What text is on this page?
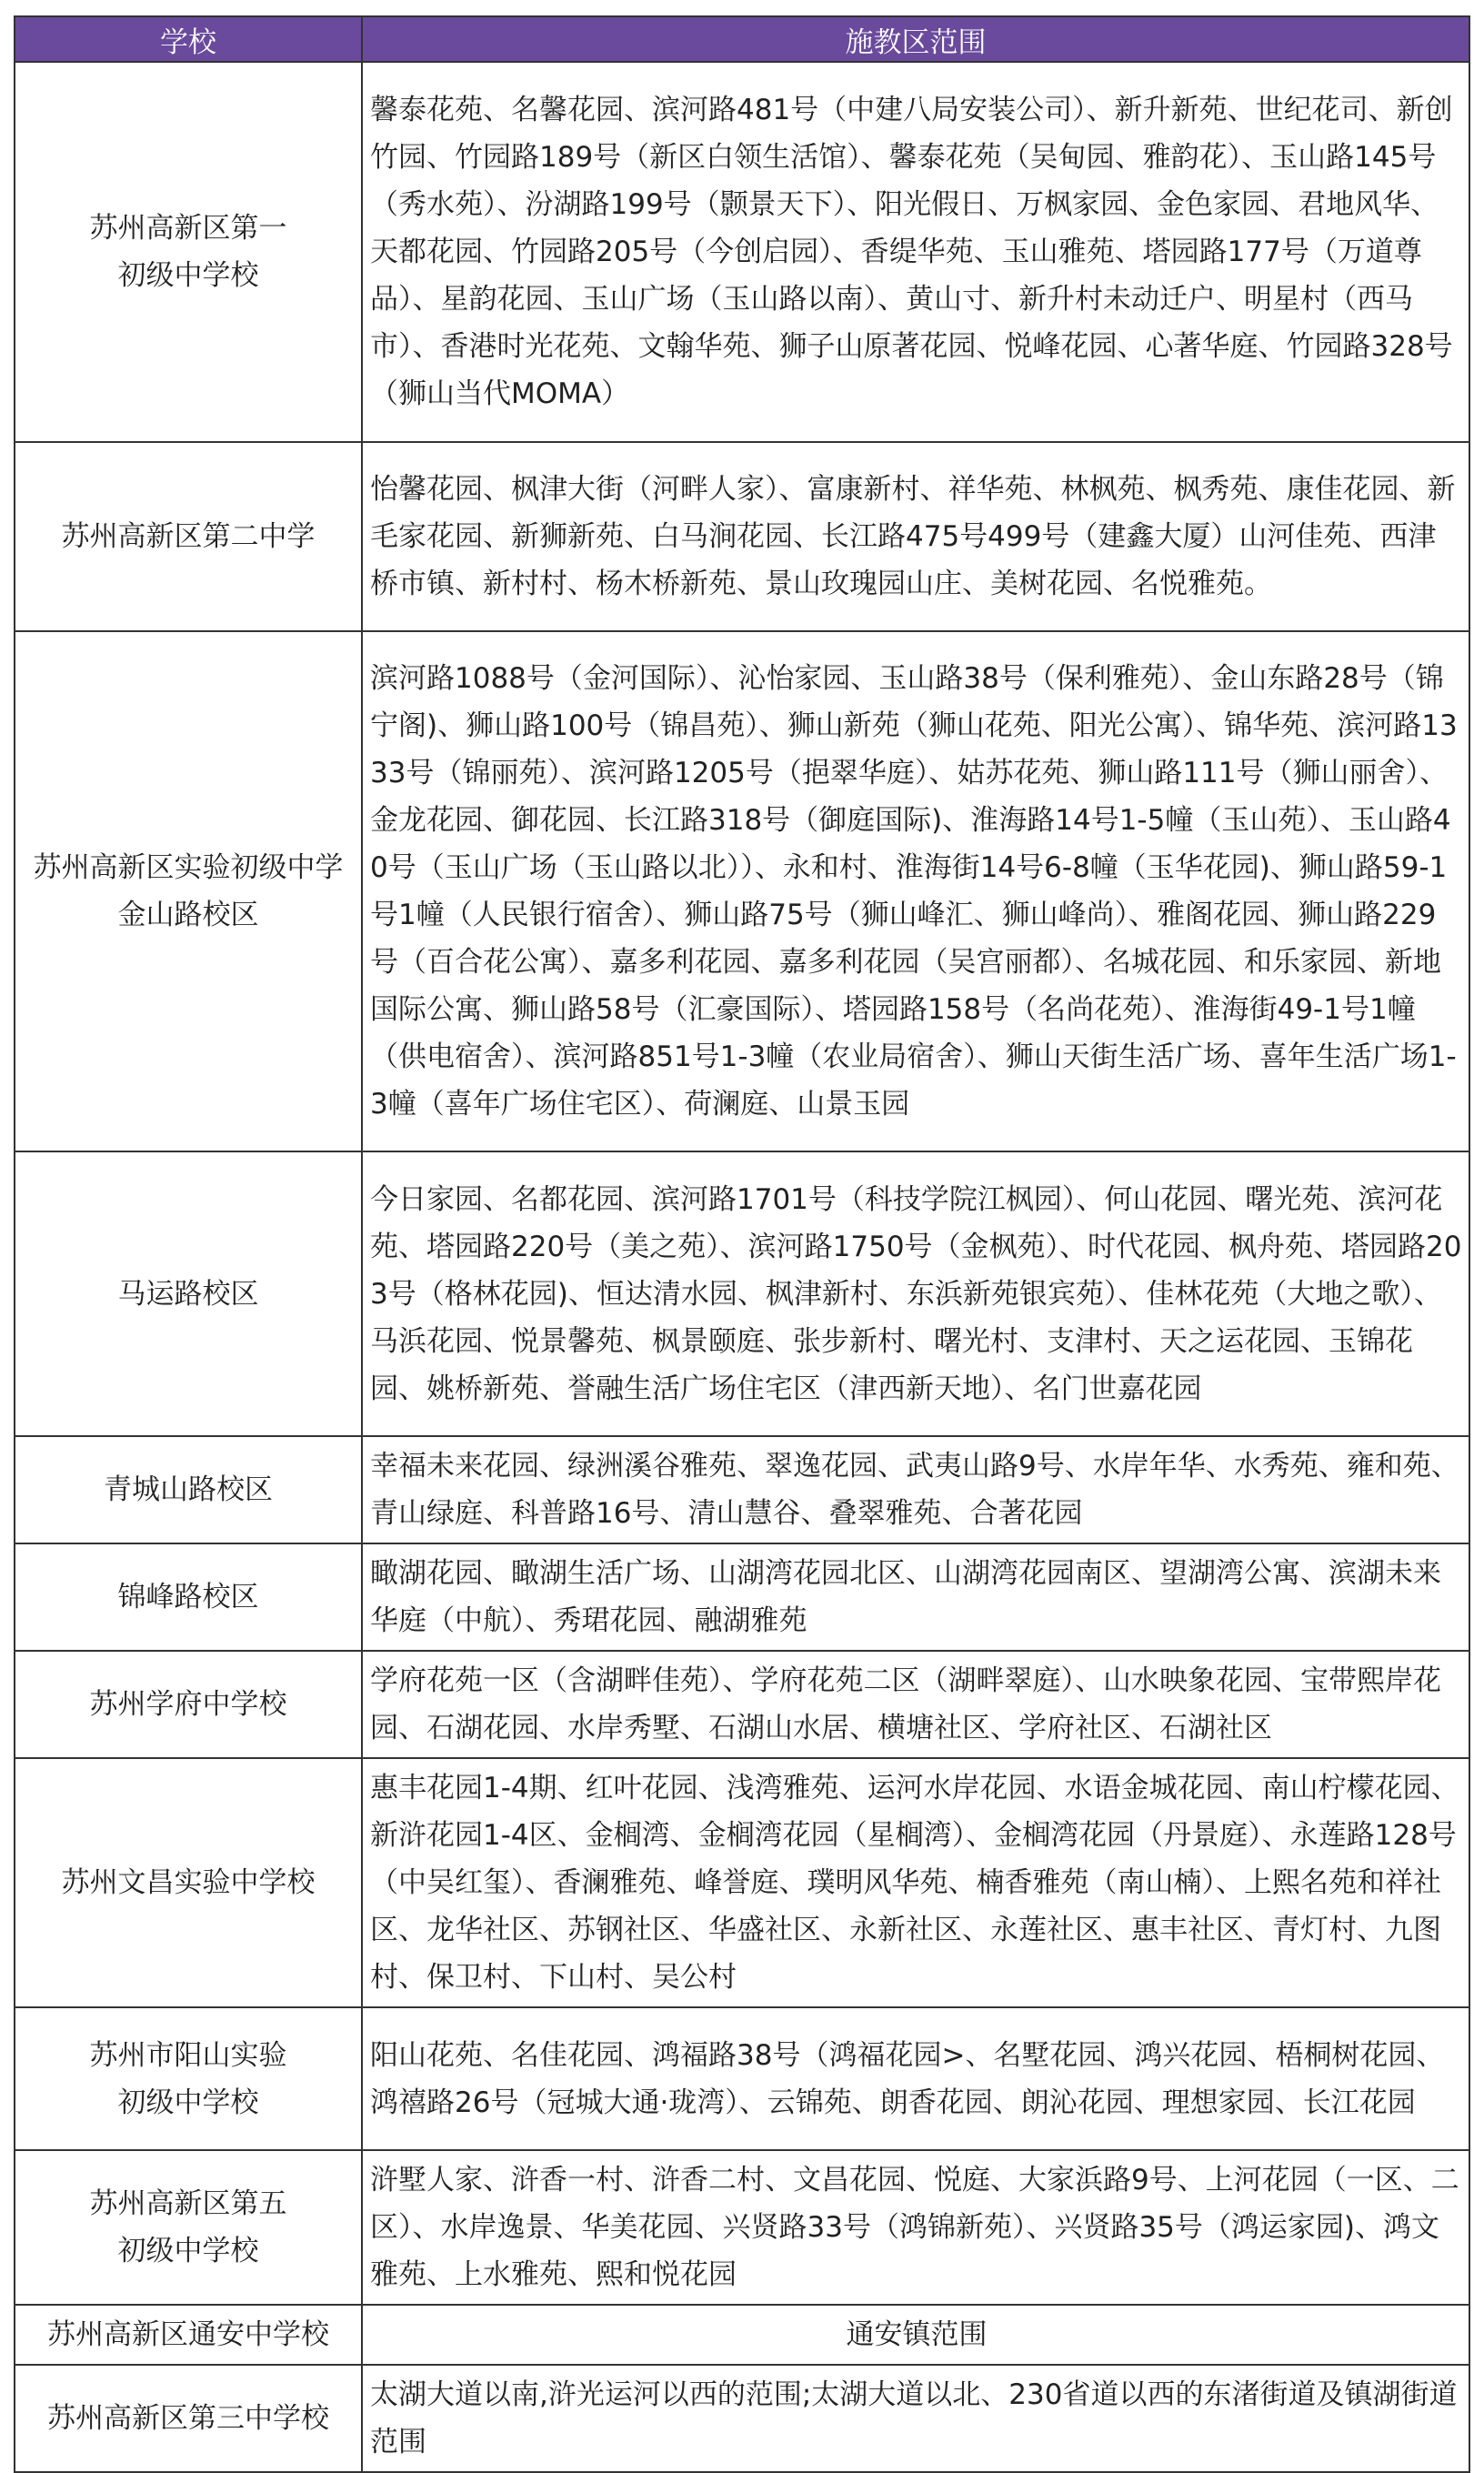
学校	施教区范围

苏州高新区第一
初级中学校	馨泰花苑、名馨花园、滨河路481号（中建八局安装公司）、新升新苑、世纪花司、新创竹园、竹园路189号（新区白领生活馆）、馨泰花苑（吴甸园、雅韵花）、玉山路145号（秀水苑）、汾湖路199号（颢景天下）、阳光假日、万枫家园、金色家园、君地风华、天都花园、竹园路205号（今创启园）、香缇华苑、玉山雅苑、塔园路177号（万道尊品）、星韵花园、玉山广场（玉山路以南）、黄山寸、新升村未动迁户、明星村（西马市）、香港时光花苑、文翰华苑、狮子山原著花园、悦峰花园、心著华庭、竹园路328号（狮山当代MOMA）

苏州高新区第二中学	怡馨花园、枫津大街（河畔人家）、富康新村、祥华苑、林枫苑、枫秀苑、康佳花园、新毛家花园、新狮新苑、白马涧花园、长江路475号499号（建鑫大厦）山河佳苑、西津桥市镇、新村村、杨木桥新苑、景山玫瑰园山庄、美树花园、名悦雅苑。

苏州高新区实验初级中学
金山路校区	滨河路1088号（金河国际）、沁怡家园、玉山路38号（保利雅苑）、金山东路28号（锦宁阁)、狮山路100号（锦昌苑）、狮山新苑（狮山花苑、阳光公寓）、锦华苑、滨河路1333号（锦丽苑）、滨河路1205号（挹翠华庭）、姑苏花苑、狮山路111号（狮山丽舍）、金龙花园、御花园、长江路318号（御庭国际)、淮海路14号1-5幢（玉山苑）、玉山路40号（玉山广场（玉山路以北））、永和村、淮海街14号6-8幢（玉华花园)、狮山路59-1号1幢（人民银行宿舍）、狮山路75号（狮山峰汇、狮山峰尚）、雅阁花园、狮山路229号（百合花公寓）、嘉多利花园、嘉多利花园（吴宫丽都）、名城花园、和乐家园、新地国际公寓、狮山路58号（汇豪国际）、塔园路158号（名尚花苑）、淮海街49-1号1幢（供电宿舍）、滨河路851号1-3幢（农业局宿舍）、狮山天街生活广场、喜年生活广场1-3幢（喜年广场住宅区）、荷澜庭、山景玉园

马运路校区	今日家园、名都花园、滨河路1701号（科技学院江枫园）、何山花园、曙光苑、滨河花苑、塔园路220号（美之苑）、滨河路1750号（金枫苑）、时代花园、枫舟苑、塔园路203号（格林花园)、恒达清水园、枫津新村、东浜新苑银宾苑）、佳林花苑（大地之歌）、马浜花园、悦景馨苑、枫景颐庭、张步新村、曙光村、支津村、天之运花园、玉锦花园、姚桥新苑、誉融生活广场住宅区（津西新天地）、名门世嘉花园

青城山路校区	幸福未来花园、绿洲溪谷雅苑、翠逸花园、武夷山路9号、水岸年华、水秀苑、雍和苑、青山绿庭、科普路16号、清山慧谷、叠翠雅苑、合著花园

锦峰路校区	瞰湖花园、瞰湖生活广场、山湖湾花园北区、山湖湾花园南区、望湖湾公寓、滨湖未来华庭（中航）、秀珺花园、融湖雅苑

苏州学府中学校	学府花苑一区（含湖畔佳苑）、学府花苑二区（湖畔翠庭）、山水映象花园、宝带熙岸花园、石湖花园、水岸秀墅、石湖山水居、横塘社区、学府社区、石湖社区

苏州文昌实验中学校	惠丰花园1-4期、红叶花园、浅湾雅苑、运河水岸花园、水语金城花园、南山柠檬花园、新浒花园1-4区、金榈湾、金榈湾花园（星榈湾）、金榈湾花园（丹景庭）、永莲路128号（中吴红玺）、香澜雅苑、峰誉庭、璞明风华苑、楠香雅苑（南山楠）、上熙名苑和祥社区、龙华社区、苏钢社区、华盛社区、永新社区、永莲社区、惠丰社区、青灯村、九图村、保卫村、下山村、吴公村

苏州市阳山实验
初级中学校	阳山花苑、名佳花园、鸿福路38号（鸿福花园>、名墅花园、鸿兴花园、梧桐树花园、鸿禧路26号（冠城大通·珑湾）、云锦苑、朗香花园、朗沁花园、理想家园、长江花园

苏州高新区第五
初级中学校	浒墅人家、浒香一村、浒香二村、文昌花园、悦庭、大家浜路9号、上河花园（一区、二区）、水岸逸景、华美花园、兴贤路33号（鸿锦新苑）、兴贤路35号（鸿运家园)、鸿文雅苑、上水雅苑、熙和悦花园

苏州高新区通安中学校	通安镇范围

苏州高新区第三中学校	太湖大道以南,浒光运河以西的范围;太湖大道以北、230省道以西的东渚街道及镇湖街道范围
